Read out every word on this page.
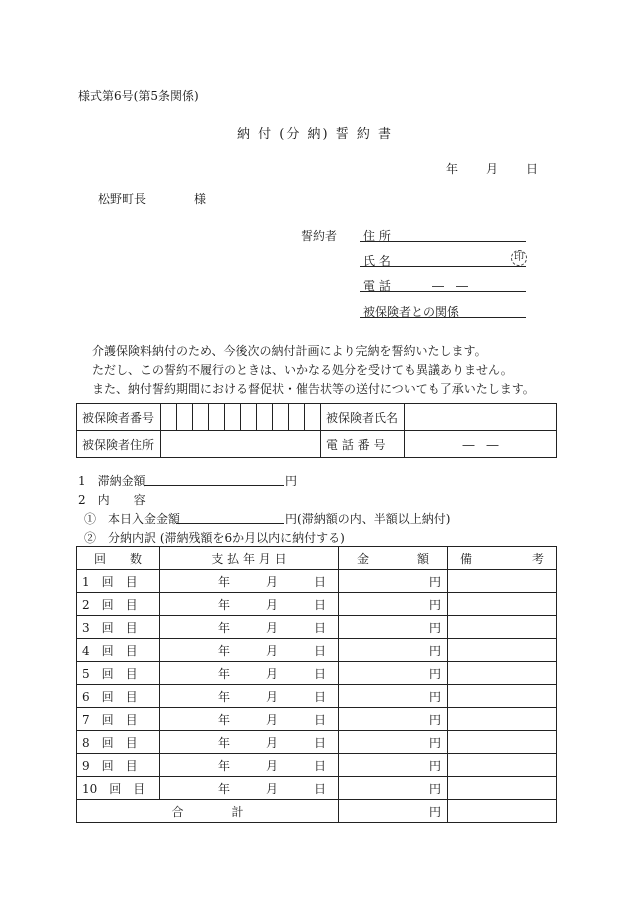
様式第6号(第5条関係)
納 付 (分 納) 誓 約 書
年 月 日
松野町長	様
誓約者 住 所
氏 名	印
電 話	―　―
被保険者との関係
介護保険料納付のため、今後次の納付計画により完納を誓約いたします。
ただし、この誓約不履行のときは、いかなる処分を受けても異議ありません。
また、納付誓約期間における督促状・催告状等の送付についても了承いたします。
被保険者番号											被保険者氏名	
被保険者住所											電 話 番 号	―　―
1　滞納金額	円
2　内　　容
①　本日入金金額	円(滞納額の内、半額以上納付)
②　分納内訳 (滞納残額を6か月以内に納付する)
回　　数	支 払 年 月 日	金　　　　額	備　　　　　考
1　回　目	年 月 日	円	
2　回　目	年 月 日	円	
3　回　目	年 月 日	円	
4　回　目	年 月 日	円	
5　回　目	年 月 日	円	
6　回　目	年 月 日	円	
7　回　目	年 月 日	円	
8　回　目	年 月 日	円	
9　回　目	年 月 日	円	
10　回　目	年 月 日	円	
合　　　　計		円	
